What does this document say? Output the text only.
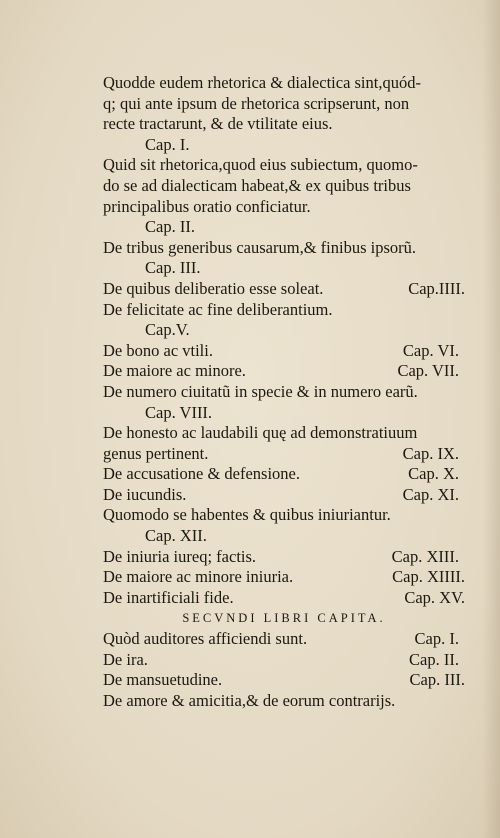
Quodde eudem rhetorica & dialectica sint,quód-
q; qui ante ipsum de rhetorica scripserunt, non
recte tractarunt, & de vtilitate eius.
Cap. I.
Quid sit rhetorica,quod eius subiectum, quomo-
do se ad dialecticam habeat,& ex quibus tribus
principalibus oratio conficiatur.
Cap. II.
De tribus generibus causarum,& finibus ipsorũ.
Cap. III.
De quibus deliberatio esse soleat.	Cap.IIII.
De felicitate ac fine deliberantium.
Cap.V.
De bono ac vtili.	Cap. VI.
De maiore ac minore.	Cap. VII.
De numero ciuitatũ in specie & in numero earũ.
Cap. VIII.
De honesto ac laudabili quę ad demonstratiuum
genus pertinent.	Cap. IX.
De accusatione & defensione.	Cap. X.
De iucundis.	Cap. XI.
Quomodo se habentes & quibus iniuriantur.
Cap. XII.
De iniuria iureq; factis.	Cap. XIII.
De maiore ac minore iniuria.	Cap. XIIII.
De inartificiali fide.	Cap. XV.
SECVNDI LIBRI CAPITA.
Quòd auditores afficiendi sunt.	Cap. I.
De ira.	Cap. II.
De mansuetudine.	Cap. III.
De amore & amicitia,& de eorum contrarijs.
